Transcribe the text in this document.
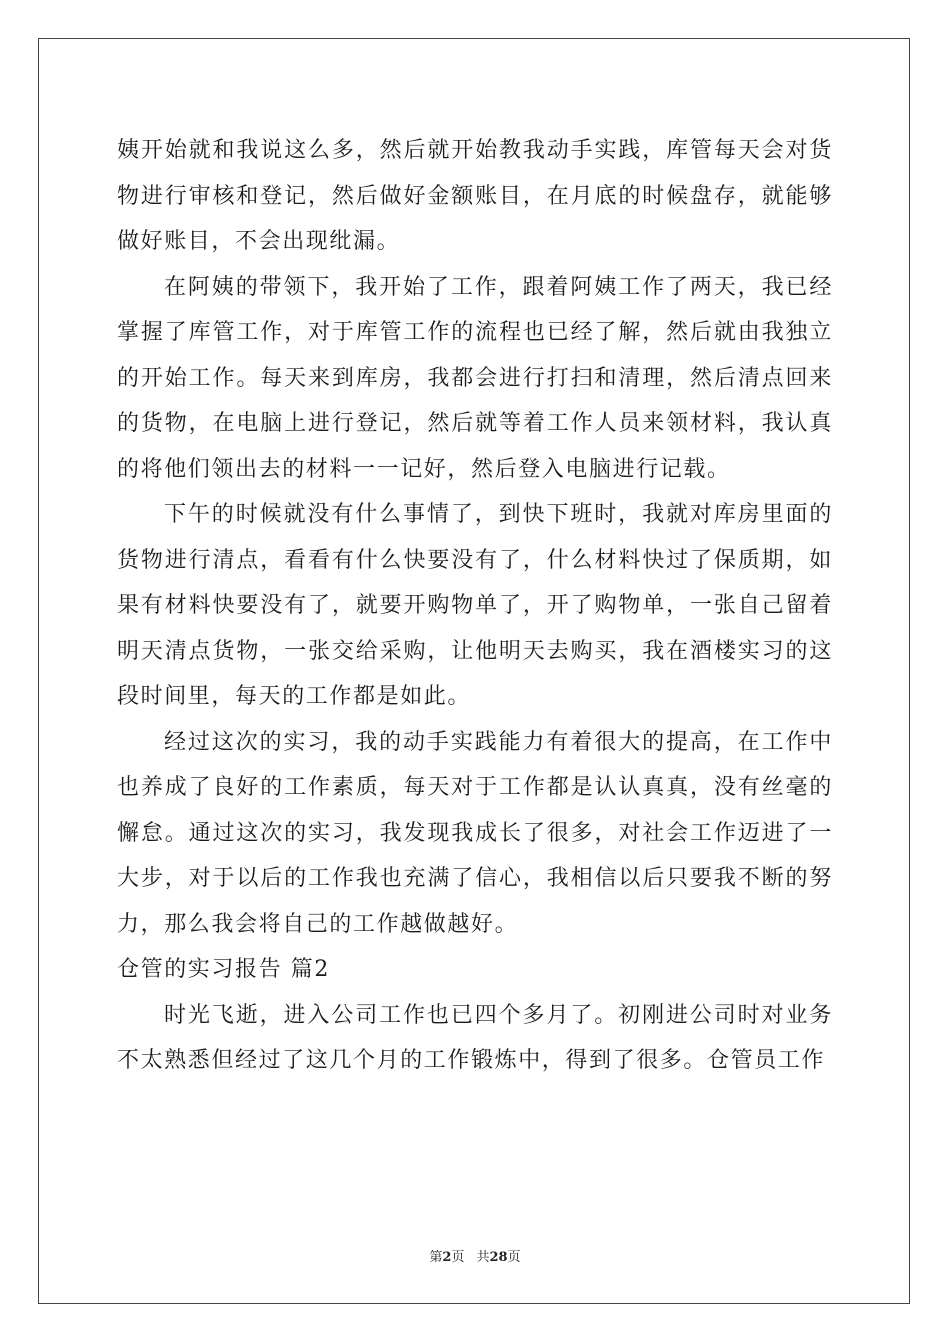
姨开始就和我说这么多，然后就开始教我动手实践，库管每天会对货物进行审核和登记，然后做好金额账目，在月底的时候盘存，就能够做好账目，不会出现纰漏。

在阿姨的带领下，我开始了工作，跟着阿姨工作了两天，我已经掌握了库管工作，对于库管工作的流程也已经了解，然后就由我独立的开始工作。每天来到库房，我都会进行打扫和清理，然后清点回来的货物，在电脑上进行登记，然后就等着工作人员来领材料，我认真的将他们领出去的材料一一记好，然后登入电脑进行记载。

下午的时候就没有什么事情了，到快下班时，我就对库房里面的货物进行清点，看看有什么快要没有了，什么材料快过了保质期，如果有材料快要没有了，就要开购物单了，开了购物单，一张自己留着明天清点货物，一张交给采购，让他明天去购买，我在酒楼实习的这段时间里，每天的工作都是如此。

经过这次的实习，我的动手实践能力有着很大的提高，在工作中也养成了良好的工作素质，每天对于工作都是认认真真，没有丝毫的懈怠。通过这次的实习，我发现我成长了很多，对社会工作迈进了一大步，对于以后的工作我也充满了信心，我相信以后只要我不断的努力，那么我会将自己的工作越做越好。

仓管的实习报告 篇2

时光飞逝，进入公司工作也已四个多月了。初刚进公司时对业务不太熟悉但经过了这几个月的工作锻炼中，得到了很多。仓管员工作

第2页 共28页
